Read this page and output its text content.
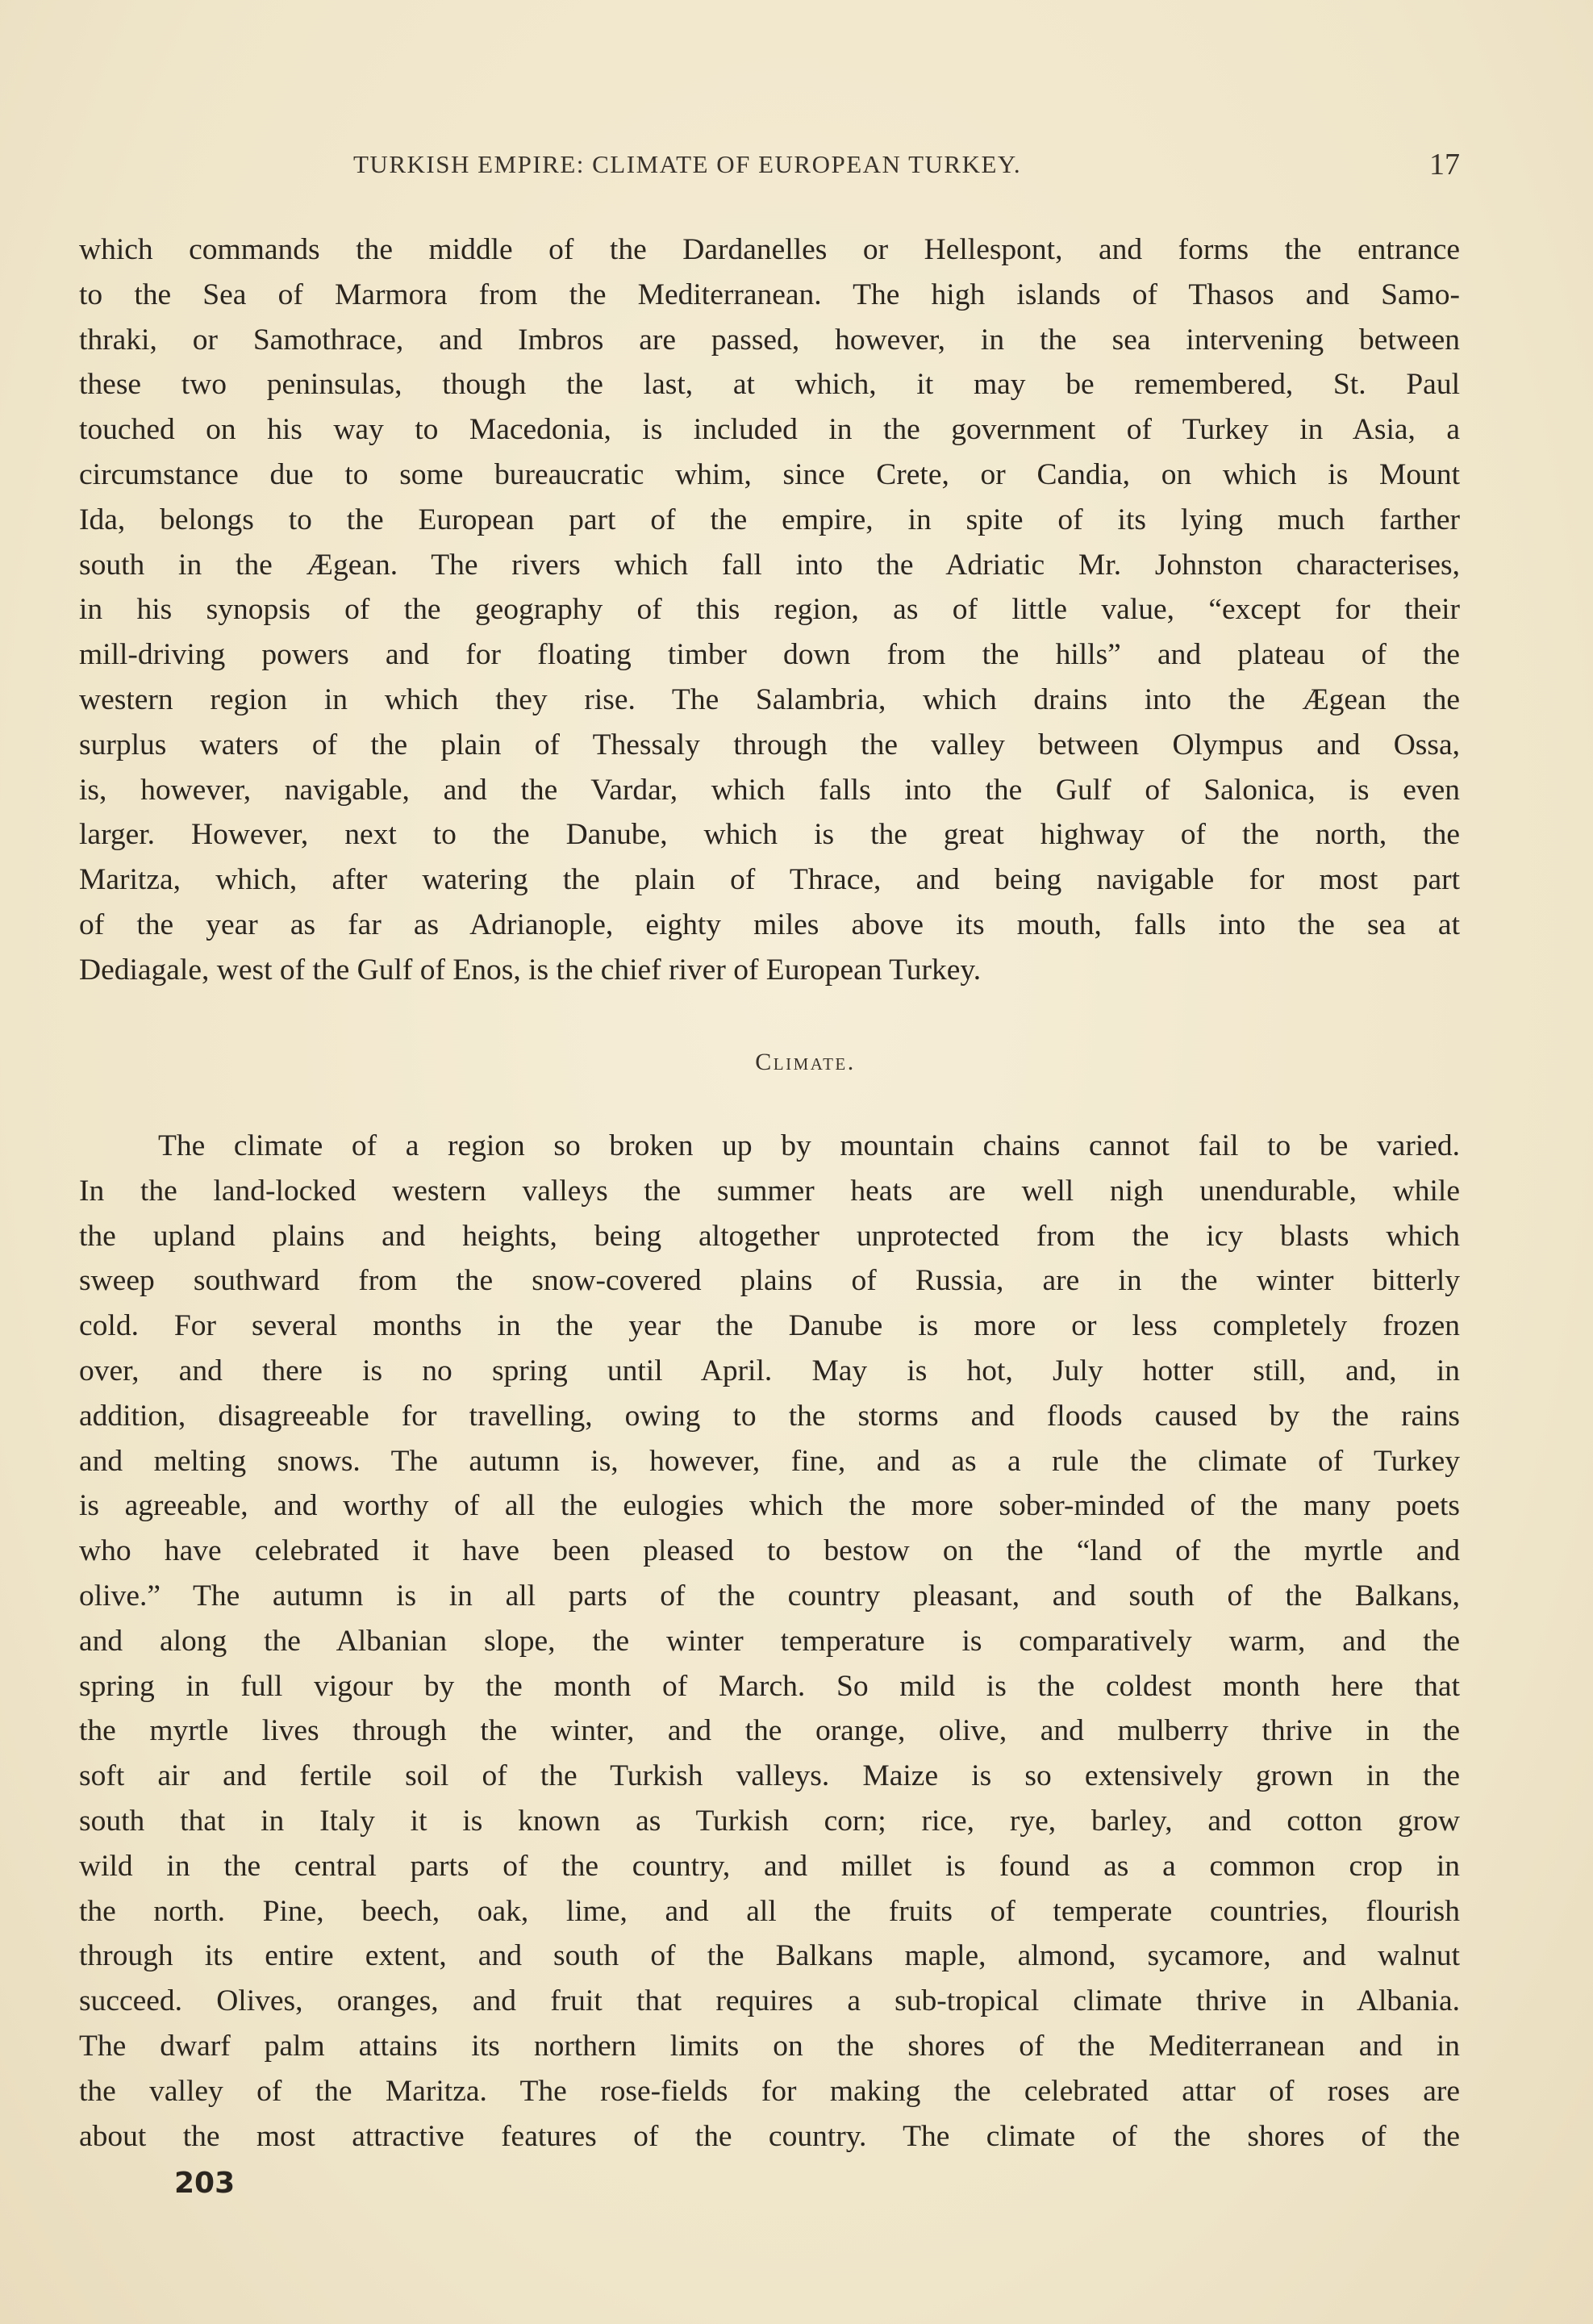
TURKISH EMPIRE: CLIMATE OF EUROPEAN TURKEY.	17
which commands the middle of the Dardanelles or Hellespont, and forms the entrance
to the Sea of Marmora from the Mediterranean. The high islands of Thasos and Samo-
thraki, or Samothrace, and Imbros are passed, however, in the sea intervening between
these two peninsulas, though the last, at which, it may be remembered, St. Paul
touched on his way to Macedonia, is included in the government of Turkey in Asia, a
circumstance due to some bureaucratic whim, since Crete, or Candia, on which is Mount
Ida, belongs to the European part of the empire, in spite of its lying much farther
south in the Ægean. The rivers which fall into the Adriatic Mr. Johnston characterises,
in his synopsis of the geography of this region, as of little value, “except for their
mill-driving powers and for floating timber down from the hills” and plateau of the
western region in which they rise. The Salambria, which drains into the Ægean the
surplus waters of the plain of Thessaly through the valley between Olympus and Ossa,
is, however, navigable, and the Vardar, which falls into the Gulf of Salonica, is even
larger. However, next to the Danube, which is the great highway of the north, the
Maritza, which, after watering the plain of Thrace, and being navigable for most part
of the year as far as Adrianople, eighty miles above its mouth, falls into the sea at
Dediagale, west of the Gulf of Enos, is the chief river of European Turkey.
Climate.
The climate of a region so broken up by mountain chains cannot fail to be varied.
In the land-locked western valleys the summer heats are well nigh unendurable, while
the upland plains and heights, being altogether unprotected from the icy blasts which
sweep southward from the snow-covered plains of Russia, are in the winter bitterly
cold. For several months in the year the Danube is more or less completely frozen
over, and there is no spring until April. May is hot, July hotter still, and, in
addition, disagreeable for travelling, owing to the storms and floods caused by the rains
and melting snows. The autumn is, however, fine, and as a rule the climate of Turkey
is agreeable, and worthy of all the eulogies which the more sober-minded of the many poets
who have celebrated it have been pleased to bestow on the “land of the myrtle and
olive.” The autumn is in all parts of the country pleasant, and south of the Balkans,
and along the Albanian slope, the winter temperature is comparatively warm, and the
spring in full vigour by the month of March. So mild is the coldest month here that
the myrtle lives through the winter, and the orange, olive, and mulberry thrive in the
soft air and fertile soil of the Turkish valleys. Maize is so extensively grown in the
south that in Italy it is known as Turkish corn; rice, rye, barley, and cotton grow
wild in the central parts of the country, and millet is found as a common crop in
the north. Pine, beech, oak, lime, and all the fruits of temperate countries, flourish
through its entire extent, and south of the Balkans maple, almond, sycamore, and walnut
succeed. Olives, oranges, and fruit that requires a sub-tropical climate thrive in Albania.
The dwarf palm attains its northern limits on the shores of the Mediterranean and in
the valley of the Maritza. The rose-fields for making the celebrated attar of roses are
about the most attractive features of the country. The climate of the shores of the
203
